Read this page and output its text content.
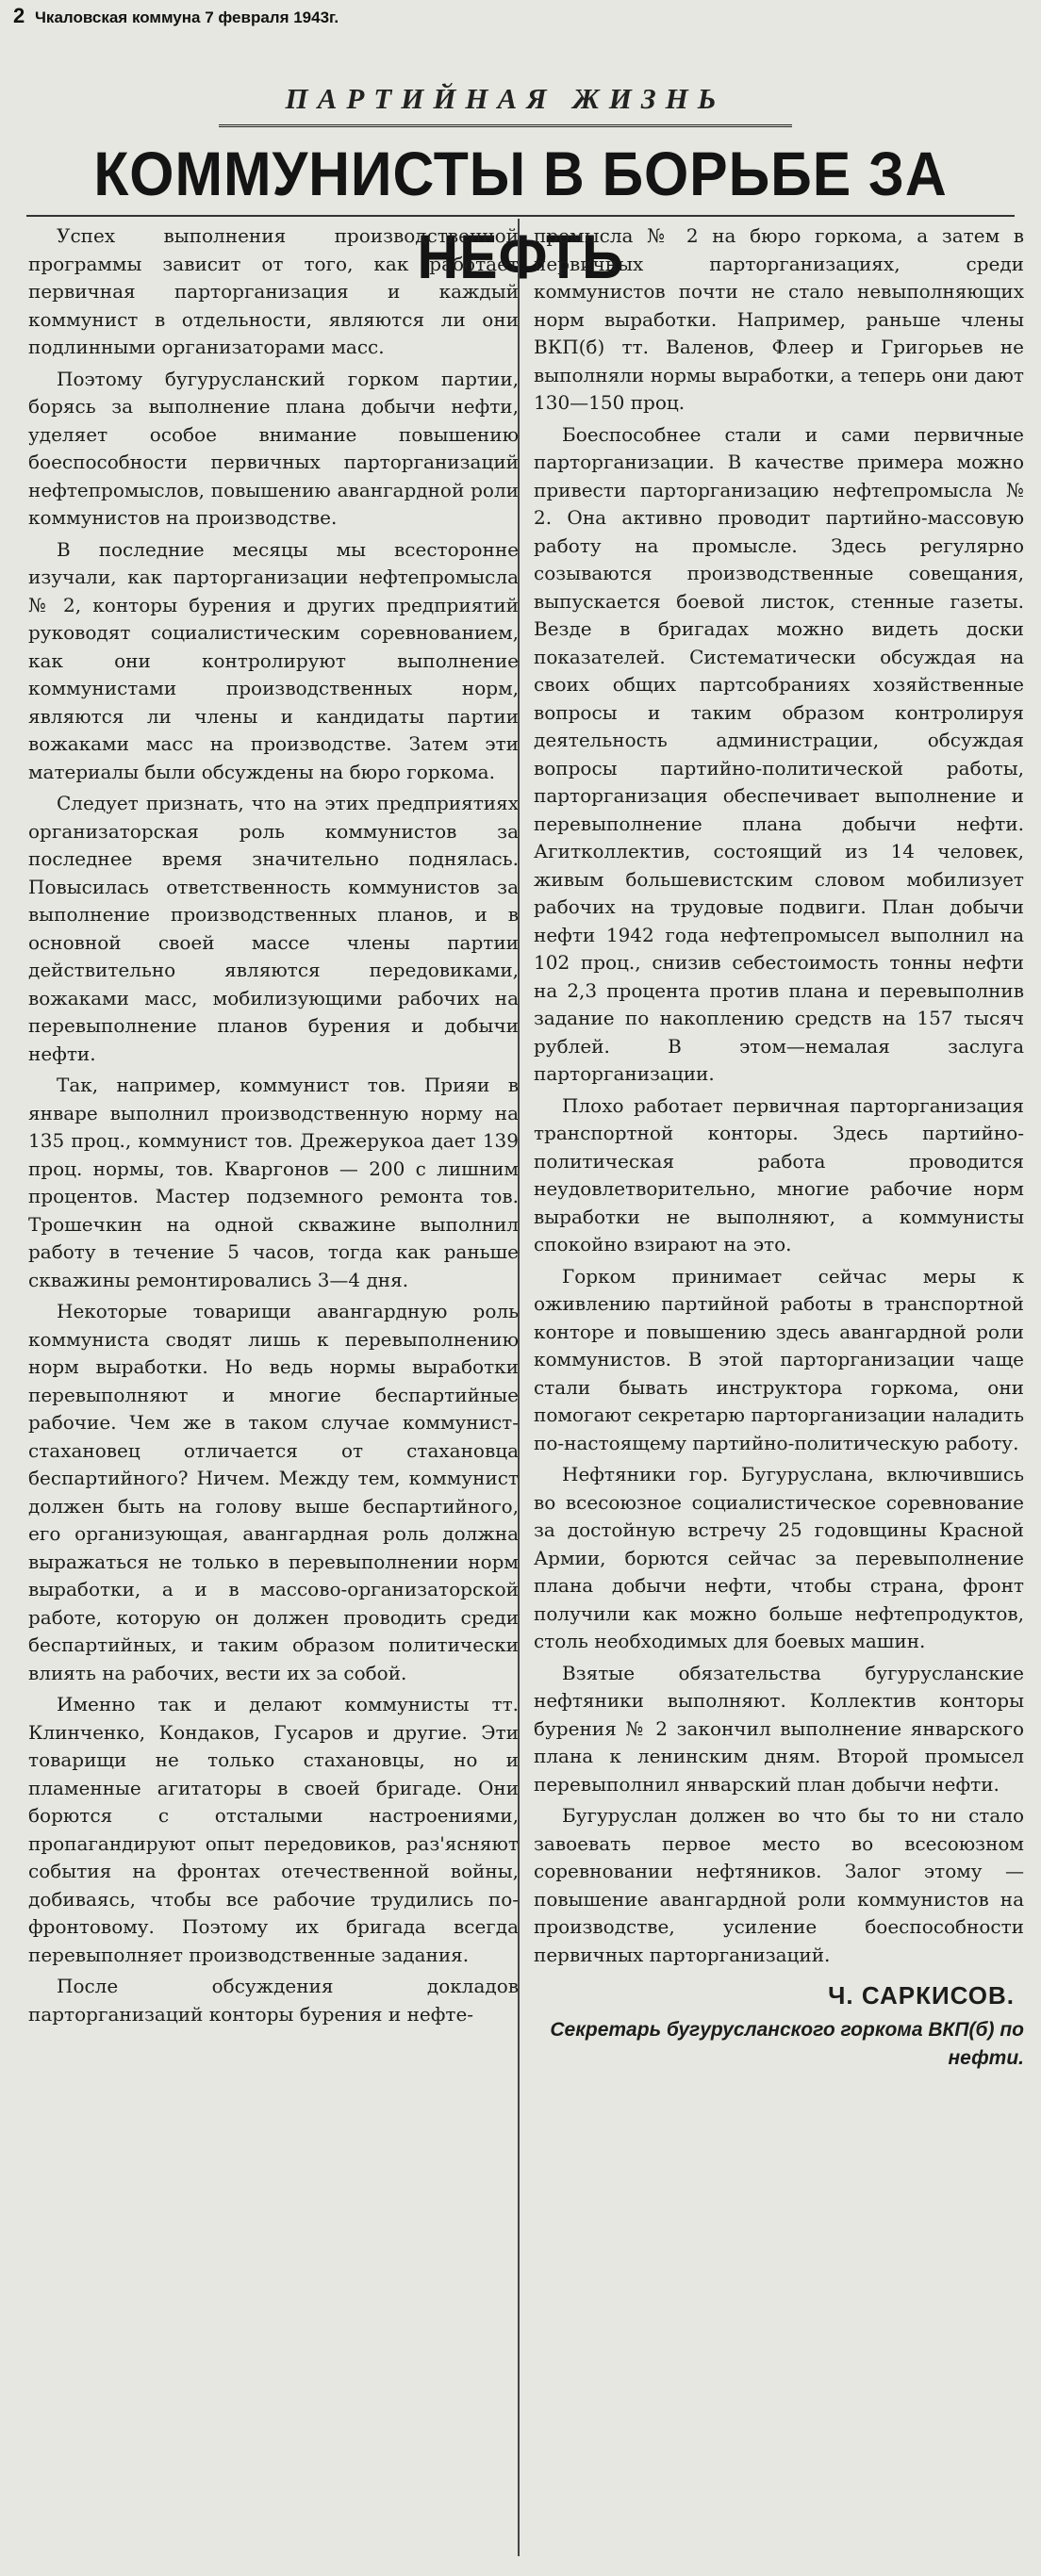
2 Чкаловская коммуна 7 февраля 1943г.
ПАРТИЙНАЯ ЖИЗНЬ
КОММУНИСТЫ В БОРЬБЕ ЗА НЕФТЬ

Успех выполнения производственной программы зависит от того, как работает первичная парторганизация и каждый коммунист в отдельности, являются ли они подлинными организаторами масс.

Поэтому бугурусланский горком партии, борясь за выполнение плана добычи нефти, уделяет особое внимание повышению боеспособности первичных парторганизаций нефтепромыслов, повышению авангардной роли коммунистов на производстве.

В последние месяцы мы всесторонне изучали, как парторганизации нефтепромысла № 2, конторы бурения и других предприятий руководят социалистическим соревнованием, как они контролируют выполнение коммунистами производственных норм, являются ли члены и кандидаты партии вожаками масс на производстве. Затем эти материалы были обсуждены на бюро горкома.

Следует признать, что на этих предприятиях организаторская роль коммунистов за последнее время значительно поднялась. Повысилась ответственность коммунистов за выполнение производственных планов, и в основной своей массе члены партии действительно являются передовиками, вожаками масс, мобилизующими рабочих на перевыполнение планов бурения и добычи нефти.

Так, например, коммунист тов. Прияи в январе выполнил производственную норму на 135 проц., коммунист тов. Дрежерукоа дает 139 проц. нормы, тов. Кваргонов — 200 с лишним процентов. Мастер подземного ремонта тов. Трошечкин на одной скважине выполнил работу в течение 5 часов, тогда как раньше скважины ремонтировались 3—4 дня.

Некоторые товарищи авангардную роль коммуниста сводят лишь к перевыполнению норм выработки. Но ведь нормы выработки перевыполняют и многие беспартийные рабочие. Чем же в таком случае коммунист-стахановец отличается от стахановца беспартийного? Ничем. Между тем, коммунист должен быть на голову выше беспартийного, его организующая, авангардная роль должна выражаться не только в перевыполнении норм выработки, а и в массово-организаторской работе, которую он должен проводить среди беспартийных, и таким образом политически влиять на рабочих, вести их за собой.

Именно так и делают коммунисты тт. Клинченко, Кондаков, Гусаров и другие. Эти товарищи не только стахановцы, но и пламенные агитаторы в своей бригаде. Они борются с отсталыми настроениями, пропагандируют опыт передовиков, раз'ясняют события на фронтах отечественной войны, добиваясь, чтобы все рабочие трудились по-фронтовому. Поэтому их бригада всегда перевыполняет производственные задания.

После обсуждения докладов парторганизаций конторы бурения и нефте-

промысла № 2 на бюро горкома, а затем в первичных парторганизациях, среди коммунистов почти не стало невыполняющих норм выработки. Например, раньше члены ВКП(б) тт. Валенов, Флеер и Григорьев не выполняли нормы выработки, а теперь они дают 130—150 проц.

Боеспособнее стали и сами первичные парторганизации. В качестве примера можно привести парторганизацию нефтепромысла № 2. Она активно проводит партийно-массовую работу на промысле. Здесь регулярно созываются производственные совещания, выпускается боевой листок, стенные газеты. Везде в бригадах можно видеть доски показателей. Систематически обсуждая на своих общих партсобраниях хозяйственные вопросы и таким образом контролируя деятельность администрации, обсуждая вопросы партийно-политической работы, парторганизация обеспечивает выполнение и перевыполнение плана добычи нефти. Агитколлектив, состоящий из 14 человек, живым большевистским словом мобилизует рабочих на трудовые подвиги. План добычи нефти 1942 года нефтепромысел выполнил на 102 проц., снизив себестоимость тонны нефти на 2,3 процента против плана и перевыполнив задание по накоплению средств на 157 тысяч рублей. В этом—немалая заслуга парторганизации.

Плохо работает первичная парторганизация транспортной конторы. Здесь партийно-политическая работа проводится неудовлетворительно, многие рабочие норм выработки не выполняют, а коммунисты спокойно взирают на это.

Горком принимает сейчас меры к оживлению партийной работы в транспортной конторе и повышению здесь авангардной роли коммунистов. В этой парторганизации чаще стали бывать инструктора горкома, они помогают секретарю парторганизации наладить по-настоящему партийно-политическую работу.

Нефтяники гор. Бугуруслана, включившись во всесоюзное социалистическое соревнование за достойную встречу 25 годовщины Красной Армии, борются сейчас за перевыполнение плана добычи нефти, чтобы страна, фронт получили как можно больше нефтепродуктов, столь необходимых для боевых машин.

Взятые обязательства бугурусланские нефтяники выполняют. Коллектив конторы бурения № 2 закончил выполнение январского плана к ленинским дням. Второй промысел перевыполнил январский план добычи нефти.

Бугуруслан должен во что бы то ни стало завоевать первое место во всесоюзном соревновании нефтяников. Залог этому — повышение авангардной роли коммунистов на производстве, усиление боеспособности первичных парторганизаций.

Ч. САРКИСОВ.
Секретарь бугурусланского горкома ВКП(б) по нефти.
